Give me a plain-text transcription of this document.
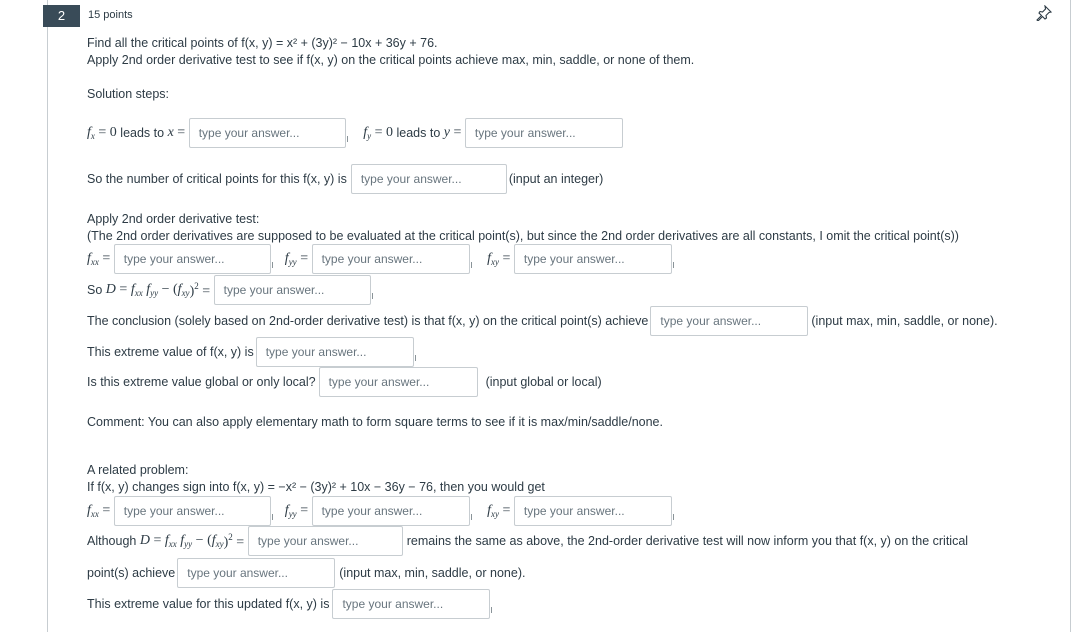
2	15 points
Find all the critical points of f(x, y) = x² + (3y)² − 10x + 36y + 76.
Apply 2nd order derivative test to see if f(x, y) on the critical points achieve max, min, saddle, or none of them.
Solution steps:
$f_x = 0$ leads to x = type your answer...	$f_y = 0$ leads to y = type your answer...
So the number of critical points for this f(x, y) is	type your answer...	(input an integer)
Apply 2nd order derivative test:
(The 2nd order derivatives are supposed to be evaluated at the critical point(s), but since the 2nd order derivatives are all constants, I omit the critical point(s))
$f_{xx}$ = type your answer...	$f_{yy}$ = type your answer...	$f_{xy}$ = type your answer...
So $D = f_{xx}$ $f_{yy}$ − ( $f_{xy}$ )$^2$ = type your answer...
The conclusion (solely based on 2nd-order derivative test) is that f(x, y) on the critical point(s) achieve	type your answer...	(input max, min, saddle, or none).
This extreme value of f(x, y) is	type your answer...
Is this extreme value global or only local?	type your answer...	(input global or local)
Comment: You can also apply elementary math to form square terms to see if it is max/min/saddle/none.
A related problem:
If f(x, y) changes sign into f(x, y) = −x² − (3y)² + 10x − 36y − 76, then you would get
$f_{xx}$ = type your answer...	$f_{yy}$ = type your answer...	$f_{xy}$ = type your answer...
Although $D = f_{xx}$ $f_{yy}$ − ( $f_{xy}$ )$^2$ = type your answer...	remains the same as above, the 2nd-order derivative test will now inform you that f(x, y) on the critical
point(s) achieve	type your answer...	(input max, min, saddle, or none).
This extreme value for this updated f(x, y) is	type your answer...
